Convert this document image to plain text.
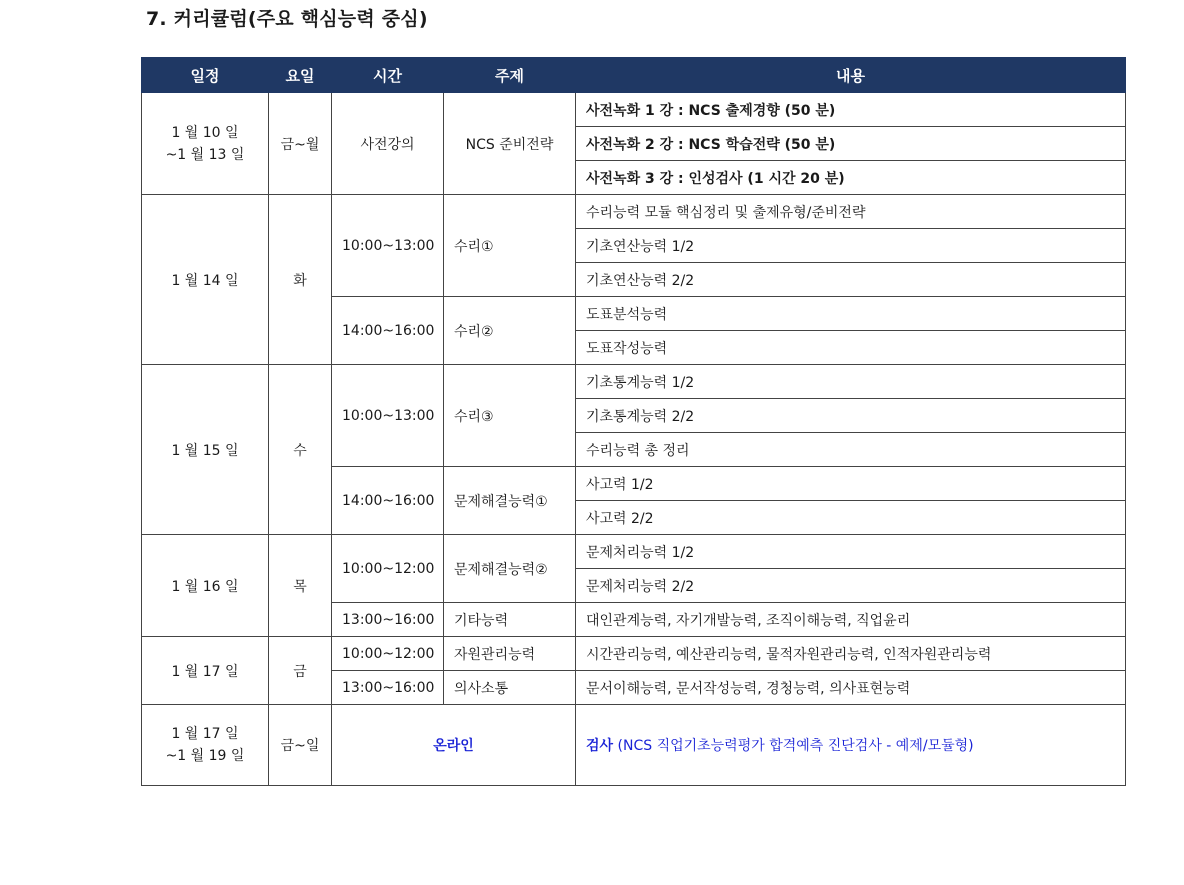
7. 커리큘럼(주요 핵심능력 중심)
일정	요일	시간	주제	내용

1 월 10 일
~1 월 13 일	금~월	사전강의	NCS 준비전략	사전녹화 1 강 : NCS 출제경향 (50 분)
				사전녹화 2 강 : NCS 학습전략 (50 분)
				사전녹화 3 강 : 인성검사 (1 시간 20 분)
1 월 14 일	화	10:00~13:00	수리①	수리능력 모듈 핵심정리 및 출제유형/준비전략
				기초연산능력 1/2
				기초연산능력 2/2
		14:00~16:00	수리②	도표분석능력
				도표작성능력
1 월 15 일	수	10:00~13:00	수리③	기초통계능력 1/2
				기초통계능력 2/2
				수리능력 총 정리
		14:00~16:00	문제해결능력①	사고력 1/2
				사고력 2/2
1 월 16 일	목	10:00~12:00	문제해결능력②	문제처리능력 1/2
				문제처리능력 2/2
		13:00~16:00	기타능력	대인관계능력, 자기개발능력, 조직이해능력, 직업윤리
1 월 17 일	금	10:00~12:00	자원관리능력	시간관리능력, 예산관리능력, 물적자원관리능력, 인적자원관리능력
		13:00~16:00	의사소통	문서이해능력, 문서작성능력, 경청능력, 의사표현능력

1 월 17 일
~1 월 19 일	금~일	온라인		검사 (NCS 직업기초능력평가 합격예측 진단검사 - 예제/모듈형)
